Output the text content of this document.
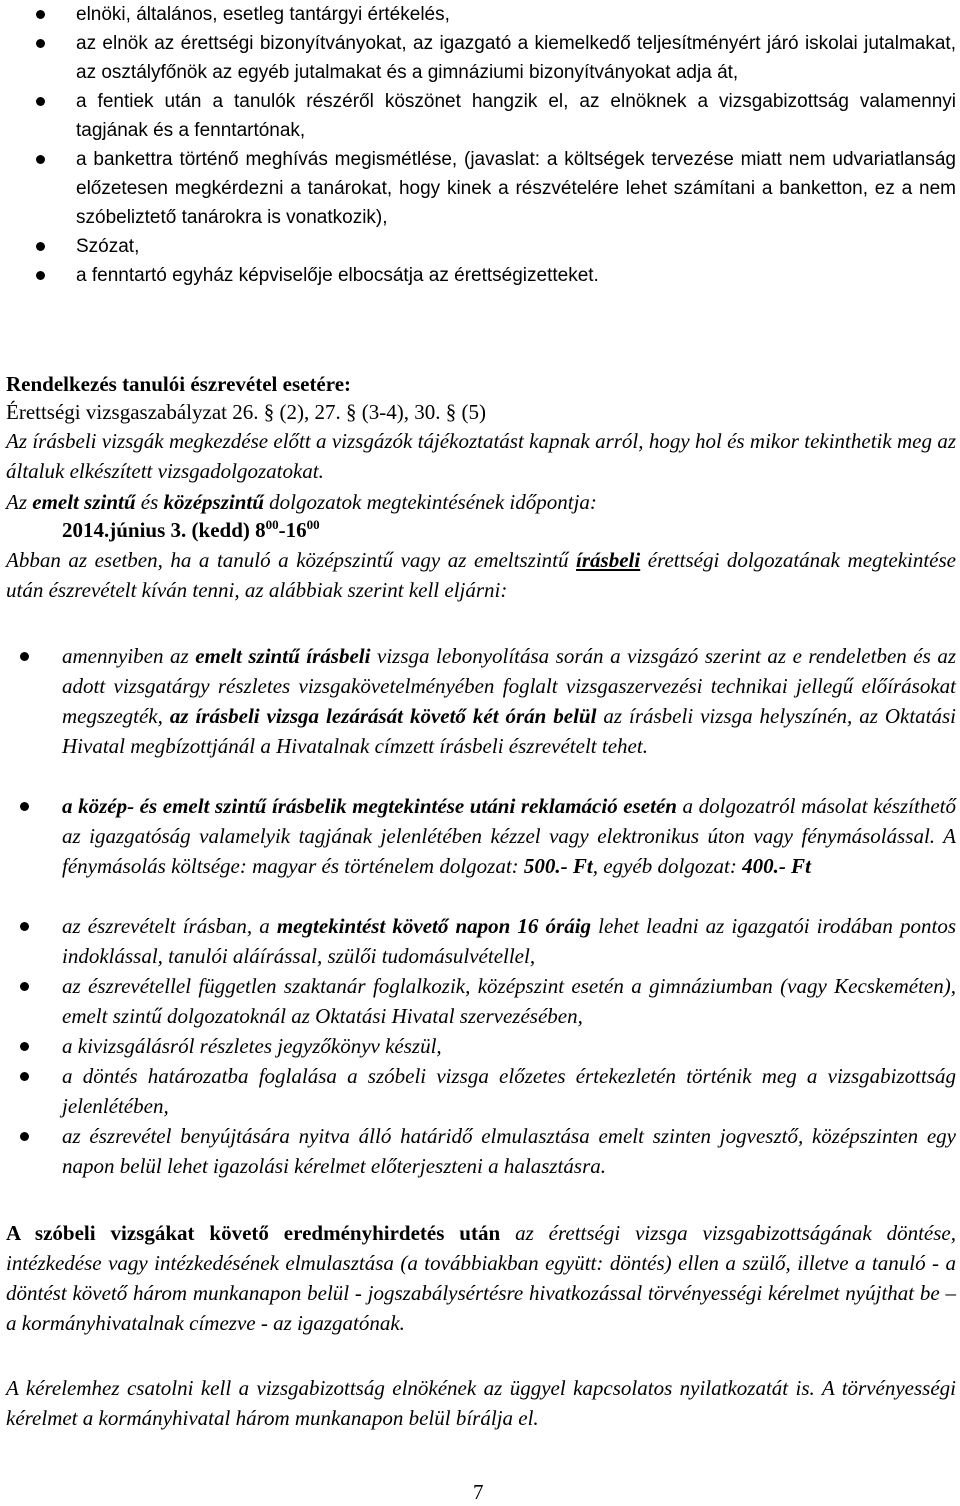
elnöki, általános, esetleg tantárgyi értékelés,
az elnök az érettségi bizonyítványokat, az igazgató a kiemelkedő teljesítményért járó iskolai jutalmakat, az osztályfőnök az egyéb jutalmakat és a gimnáziumi bizonyítványokat adja át,
a fentiek után a tanulók részéről köszönet hangzik el, az elnöknek a vizsgabizottság valamennyi tagjának és a fenntartónak,
a bankettra történő meghívás megismétlése, (javaslat: a költségek tervezése miatt nem udvariatlanság előzetesen megkérdezni a tanárokat, hogy kinek a részvételére lehet számítani a banketton, ez a nem szóbeliztető tanárokra is vonatkozik),
Szózat,
a fenntartó egyház képviselője elbocsátja az érettségizetteket.
Rendelkezés tanulói észrevétel esetére:
Érettségi vizsgaszabályzat 26. § (2), 27. § (3-4), 30. § (5)
Az írásbeli vizsgák megkezdése előtt a vizsgázók tájékoztatást kapnak arról, hogy hol és mikor tekinthetik meg az általuk elkészített vizsgadolgozatokat.
Az emelt szintű és középszintű dolgozatok megtekintésének időpontja:
2014.június 3. (kedd) $8^{00}-16^{00}$
Abban az esetben, ha a tanuló a középszintű vagy az emeltszintű írásbeli érettségi dolgozatának megtekintése után észrevételt kíván tenni, az alábbiak szerint kell eljárni:
amennyiben az emelt szintű írásbeli vizsga lebonyolítása során a vizsgázó szerint az e rendeletben és az adott vizsgatárgy részletes vizsgakövetelményében foglalt vizsgaszervezési technikai jellegű előírásokat megszegték, az írásbeli vizsga lezárását követő két órán belül az írásbeli vizsga helyszínén, az Oktatási Hivatal megbízottjánál a Hivatalnak címzett írásbeli észrevételt tehet.
a közép- és emelt szintű írásbelik megtekintése utáni reklamáció esetén a dolgozatról másolat készíthető az igazgatóság valamelyik tagjának jelenlétében kézzel vagy elektronikus úton vagy fénymásolással. A fénymásolás költsége: magyar és történelem dolgozat: 500.- Ft, egyéb dolgozat: 400.- Ft
az észrevételt írásban, a megtekintést követő napon 16 óráig lehet leadni az igazgatói irodában pontos indoklással, tanulói aláírással, szülői tudomásulvétellel,
az észrevétellel független szaktanár foglalkozik, középszint esetén a gimnáziumban (vagy Kecskeméten), emelt szintű dolgozatoknál az Oktatási Hivatal szervezésében,
a kivizsgálásról részletes jegyzőkönyv készül,
a döntés határozatba foglalása a szóbeli vizsga előzetes értekezletén történik meg a vizsgabizottság jelenlétében,
az észrevétel benyújtására nyitva álló határidő elmulasztása emelt szinten jogvesztő, középszinten egy napon belül lehet igazolási kérelmet előterjeszteni a halasztásra.
A szóbeli vizsgákat követő eredményhirdetés után az érettségi vizsga vizsgabizottságának döntése, intézkedése vagy intézkedésének elmulasztása (a továbbiakban együtt: döntés) ellen a szülő, illetve a tanuló - a döntést követő három munkanapon belül - jogszabálysértésre hivatkozással törvényességi kérelmet nyújthat be – a kormányhivatalnak címezve - az igazgatónak.
A kérelemhez csatolni kell a vizsgabizottság elnökének az üggyel kapcsolatos nyilatkozatát is. A törvényességi kérelmet a kormányhivatal három munkanapon belül bírálja el.
7
